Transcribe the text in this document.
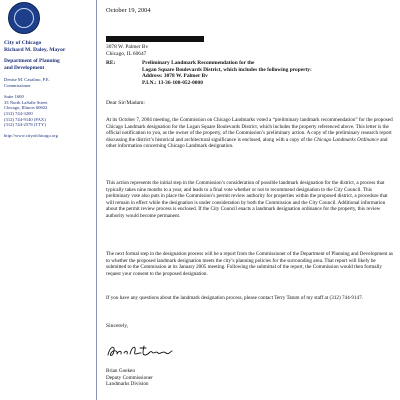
City of Chicago
Richard M. Daley, Mayor
Department of Planning
and Development
Denise M. Casalino, P.E.
Commissioner
Suite 1600
33 North LaSalle Street
Chicago, Illinois 60602
(312) 744-3200
(312) 744-9140 (FAX)
(312) 744-2578 (TTY)
http://www.cityofchicago.org
October 19, 2004
3078 W. Palmer Bv
Chicago, IL 60647
RE:	Preliminary Landmark Recommendation for the
Logan Square Boulevards District, which includes the following property:
Address: 3078 W. Palmer Bv
P.I.N.: 13-36-108-052-0000
Dear Sir/Madam:

At its October 7, 2004 meeting, the Commission on Chicago Landmarks voted a “preliminary landmark recommendation” for the proposed Chicago Landmark designation for the Logan Square Boulevards District, which includes the property referenced above. This letter is the official notification to you, as the owner of the property, of the Commission’s preliminary action. A copy of the preliminary research report discussing the district’s historical and architectural significance is enclosed, along with a copy of the Chicago Landmarks Ordinance and other information concerning Chicago Landmark designation.

This action represents the initial step in the Commission’s consideration of possible landmark designation for the district, a process that typically takes nine months to a year, and leads to a final vote whether or not to recommend designation to the City Council. This preliminary vote also puts in place the Commission’s permit review authority for properties within the proposed district, a procedure that will remain in effect while the designation is under consideration by both the Commission and the City Council. Additional information about the permit review process is enclosed. If the City Council enacts a landmark designation ordinance for the property, this review authority would become permanent.

The next formal step in the designation process will be a report from the Commissioner of the Department of Planning and Development as to whether the proposed landmark designation meets the city’s planning policies for the surrounding area. That report will likely be submitted to the Commission at its January 2005 meeting. Following the submittal of the report, the Commission would then formally request your consent to the proposed designation.

If you have any questions about the landmark designation process, please contact Terry Tatum of my staff at (312) 744-9147.

Sincerely,
Brian Goeken
Deputy Commissioner
Landmarks Division
